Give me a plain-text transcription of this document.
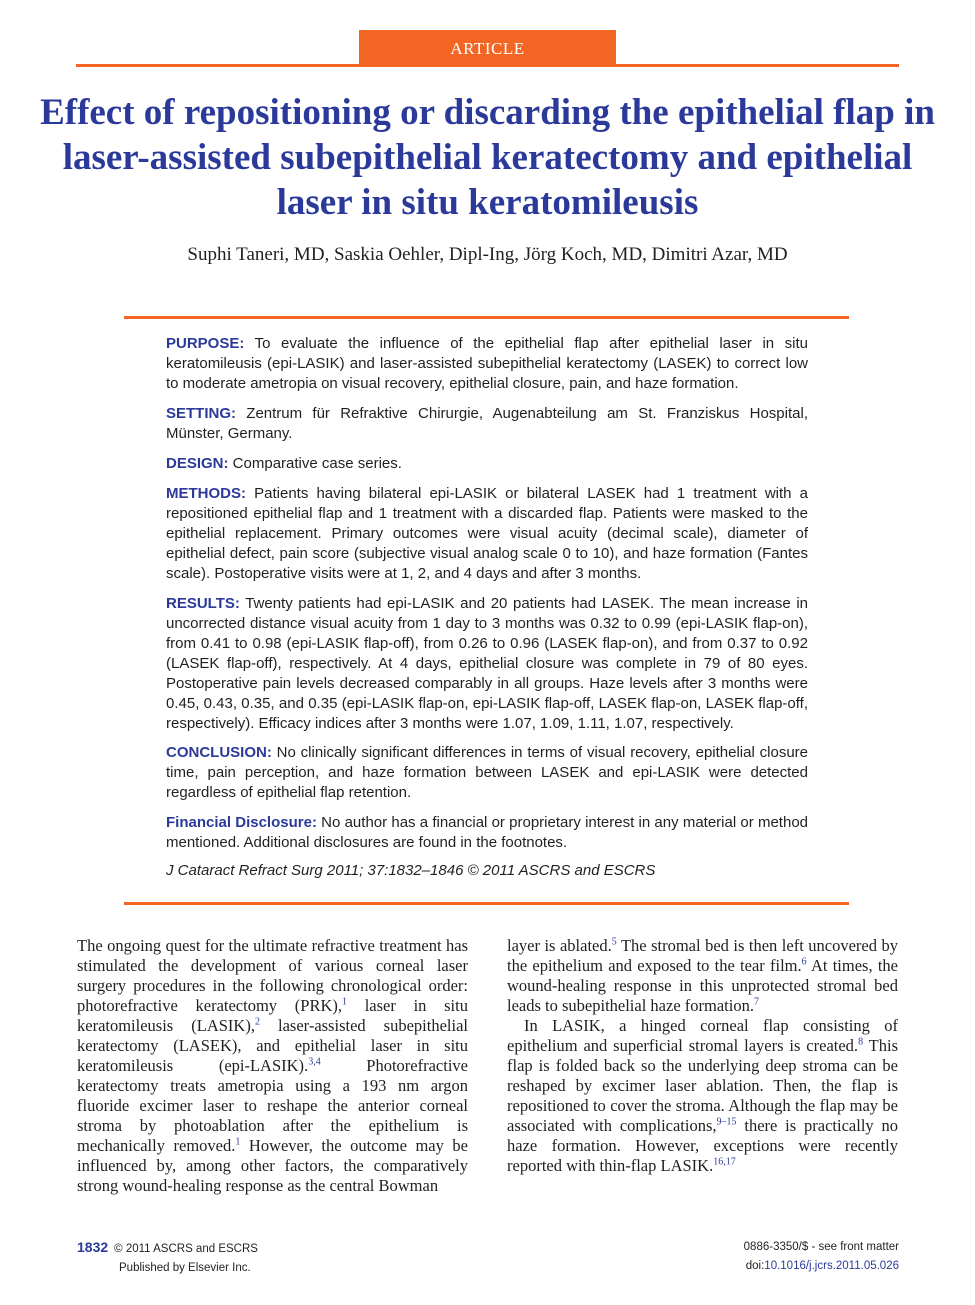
ARTICLE
Effect of repositioning or discarding the epithelial flap in laser-assisted subepithelial keratectomy and epithelial laser in situ keratomileusis
Suphi Taneri, MD, Saskia Oehler, Dipl-Ing, Jörg Koch, MD, Dimitri Azar, MD

PURPOSE: To evaluate the influence of the epithelial flap after epithelial laser in situ keratomileusis (epi-LASIK) and laser-assisted subepithelial keratectomy (LASEK) to correct low to moderate ametropia on visual recovery, epithelial closure, pain, and haze formation.

SETTING: Zentrum für Refraktive Chirurgie, Augenabteilung am St. Franziskus Hospital, Münster, Germany.

DESIGN: Comparative case series.

METHODS: Patients having bilateral epi-LASIK or bilateral LASEK had 1 treatment with a repositioned epithelial flap and 1 treatment with a discarded flap. Patients were masked to the epithelial replacement. Primary outcomes were visual acuity (decimal scale), diameter of epithelial defect, pain score (subjective visual analog scale 0 to 10), and haze formation (Fantes scale). Postoperative visits were at 1, 2, and 4 days and after 3 months.

RESULTS: Twenty patients had epi-LASIK and 20 patients had LASEK. The mean increase in uncorrected distance visual acuity from 1 day to 3 months was 0.32 to 0.99 (epi-LASIK flap-on), from 0.41 to 0.98 (epi-LASIK flap-off), from 0.26 to 0.96 (LASEK flap-on), and from 0.37 to 0.92 (LASEK flap-off), respectively. At 4 days, epithelial closure was complete in 79 of 80 eyes. Postoperative pain levels decreased comparably in all groups. Haze levels after 3 months were 0.45, 0.43, 0.35, and 0.35 (epi-LASIK flap-on, epi-LASIK flap-off, LASEK flap-on, LASEK flap-off, respectively). Efficacy indices after 3 months were 1.07, 1.09, 1.11, 1.07, respectively.

CONCLUSION: No clinically significant differences in terms of visual recovery, epithelial closure time, pain perception, and haze formation between LASEK and epi-LASIK were detected regardless of epithelial flap retention.

Financial Disclosure: No author has a financial or proprietary interest in any material or method mentioned. Additional disclosures are found in the footnotes.

J Cataract Refract Surg 2011; 37:1832–1846 © 2011 ASCRS and ESCRS

The ongoing quest for the ultimate refractive treatment has stimulated the development of various corneal laser surgery procedures in the following chronological order: photorefractive keratectomy (PRK),$^1$ laser in situ keratomileusis (LASIK),$^2$ laser-assisted subepithelial keratectomy (LASEK), and epithelial laser in situ keratomileusis (epi-LASIK).$^{3,4}$ Photorefractive keratectomy treats ametropia using a 193 nm argon fluoride excimer laser to reshape the anterior corneal stroma by photoablation after the epithelium is mechanically removed.$^1$ However, the outcome may be influenced by, among other factors, the comparatively strong wound-healing response as the central Bowman

layer is ablated.$^5$ The stromal bed is then left uncovered by the epithelium and exposed to the tear film.$^6$ At times, the wound-healing response in this unprotected stromal bed leads to subepithelial haze formation.$^7$

In LASIK, a hinged corneal flap consisting of epithelium and superficial stromal layers is created.$^8$ This flap is folded back so the underlying deep stroma can be reshaped by excimer laser ablation. Then, the flap is repositioned to cover the stroma. Although the flap may be associated with complications,$^{9-15}$ there is practically no haze formation. However, exceptions were recently reported with thin-flap LASIK.$^{16,17}$

1832 © 2011 ASCRS and ESCRS
Published by Elsevier Inc.
0886-3350/$ - see front matter
doi:10.1016/j.jcrs.2011.05.026
